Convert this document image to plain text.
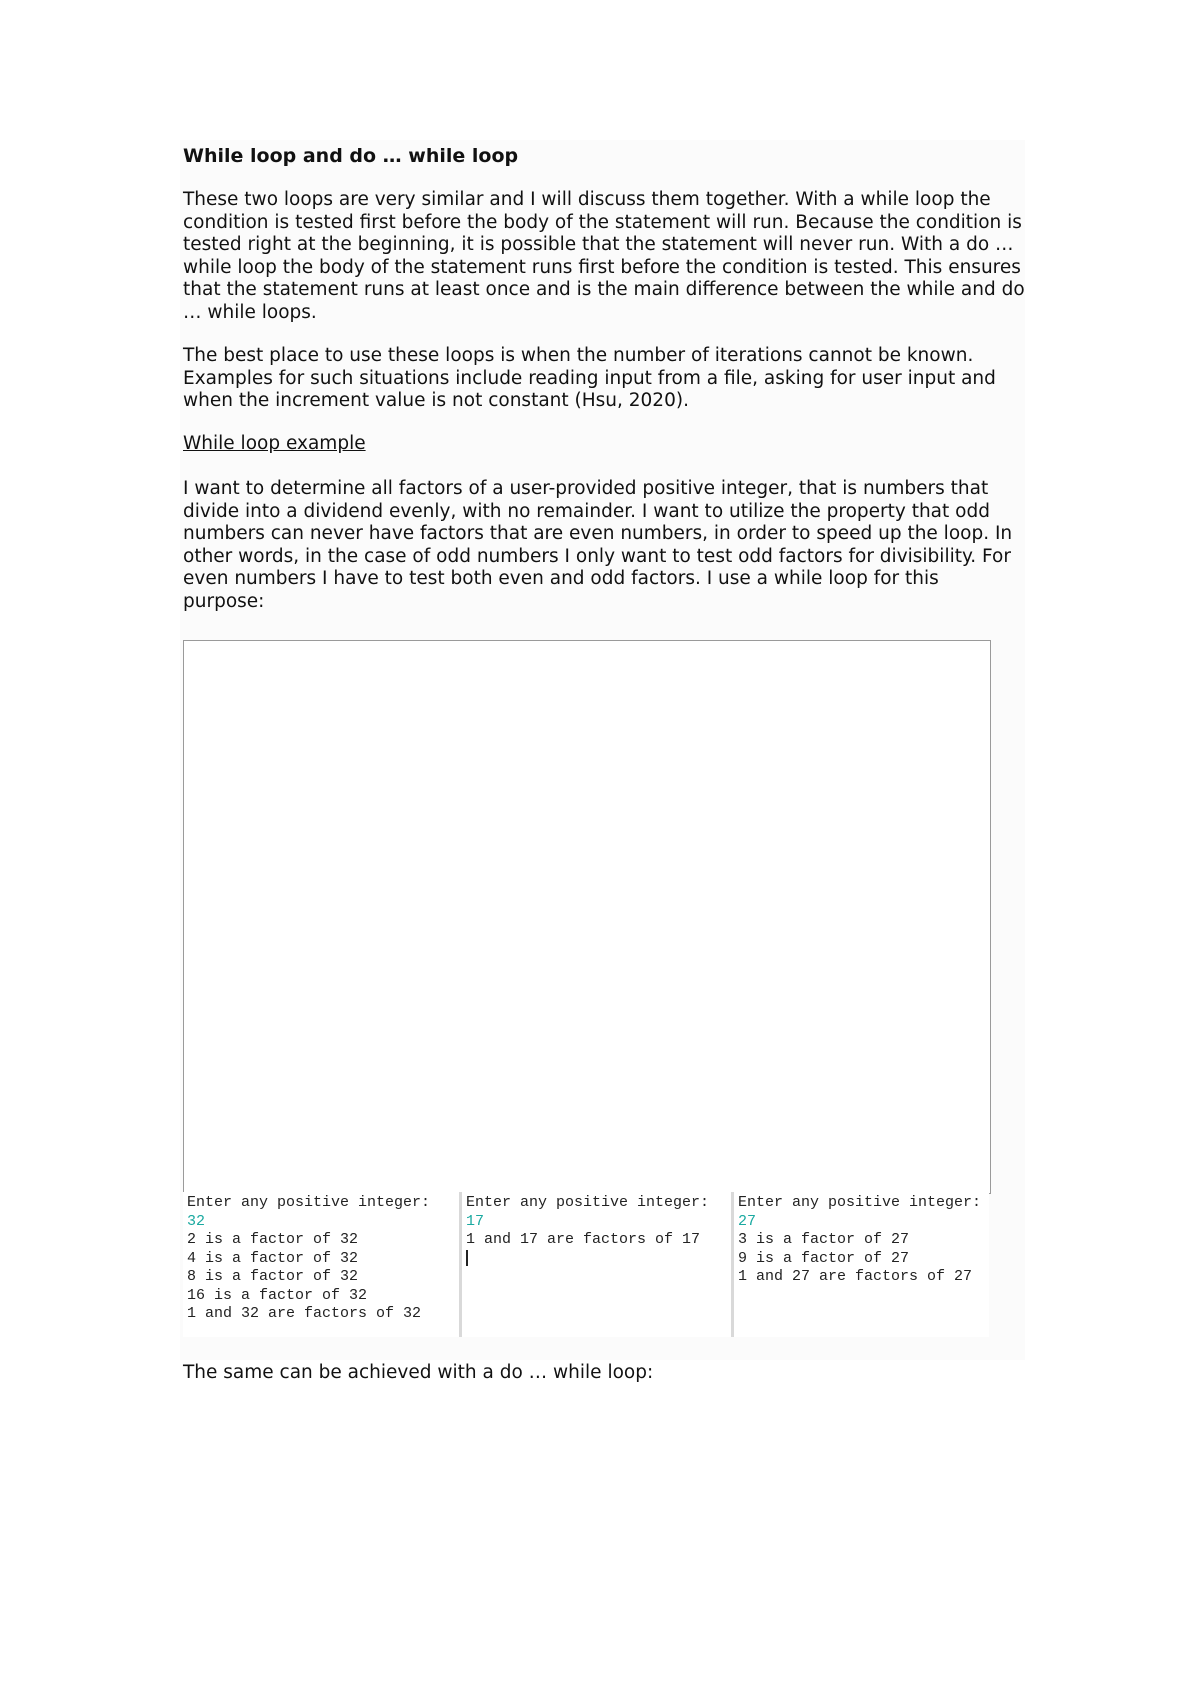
While loop and do … while loop

These two loops are very similar and I will discuss them together. With a while loop the condition is tested first before the body of the statement will run. Because the condition is tested right at the beginning, it is possible that the statement will never run. With a do … while loop the body of the statement runs first before the condition is tested. This ensures that the statement runs at least once and is the main difference between the while and do … while loops.

The best place to use these loops is when the number of iterations cannot be known. Examples for such situations include reading input from a file, asking for user input and when the increment value is not constant (Hsu, 2020).

While loop example

I want to determine all factors of a user-provided positive integer, that is numbers that divide into a dividend evenly, with no remainder. I want to utilize the property that odd numbers can never have factors that are even numbers, in order to speed up the loop. In other words, in the case of odd numbers I only want to test odd factors for divisibility. For even numbers I have to test both even and odd factors. I use a while loop for this purpose:

Enter any positive integer:
32
2 is a factor of 32
4 is a factor of 32
8 is a factor of 32
16 is a factor of 32
1 and 32 are factors of 32
Enter any positive integer:
17
1 and 17 are factors of 17
Enter any positive integer:
27
3 is a factor of 27
9 is a factor of 27
1 and 27 are factors of 27

The same can be achieved with a do … while loop:
